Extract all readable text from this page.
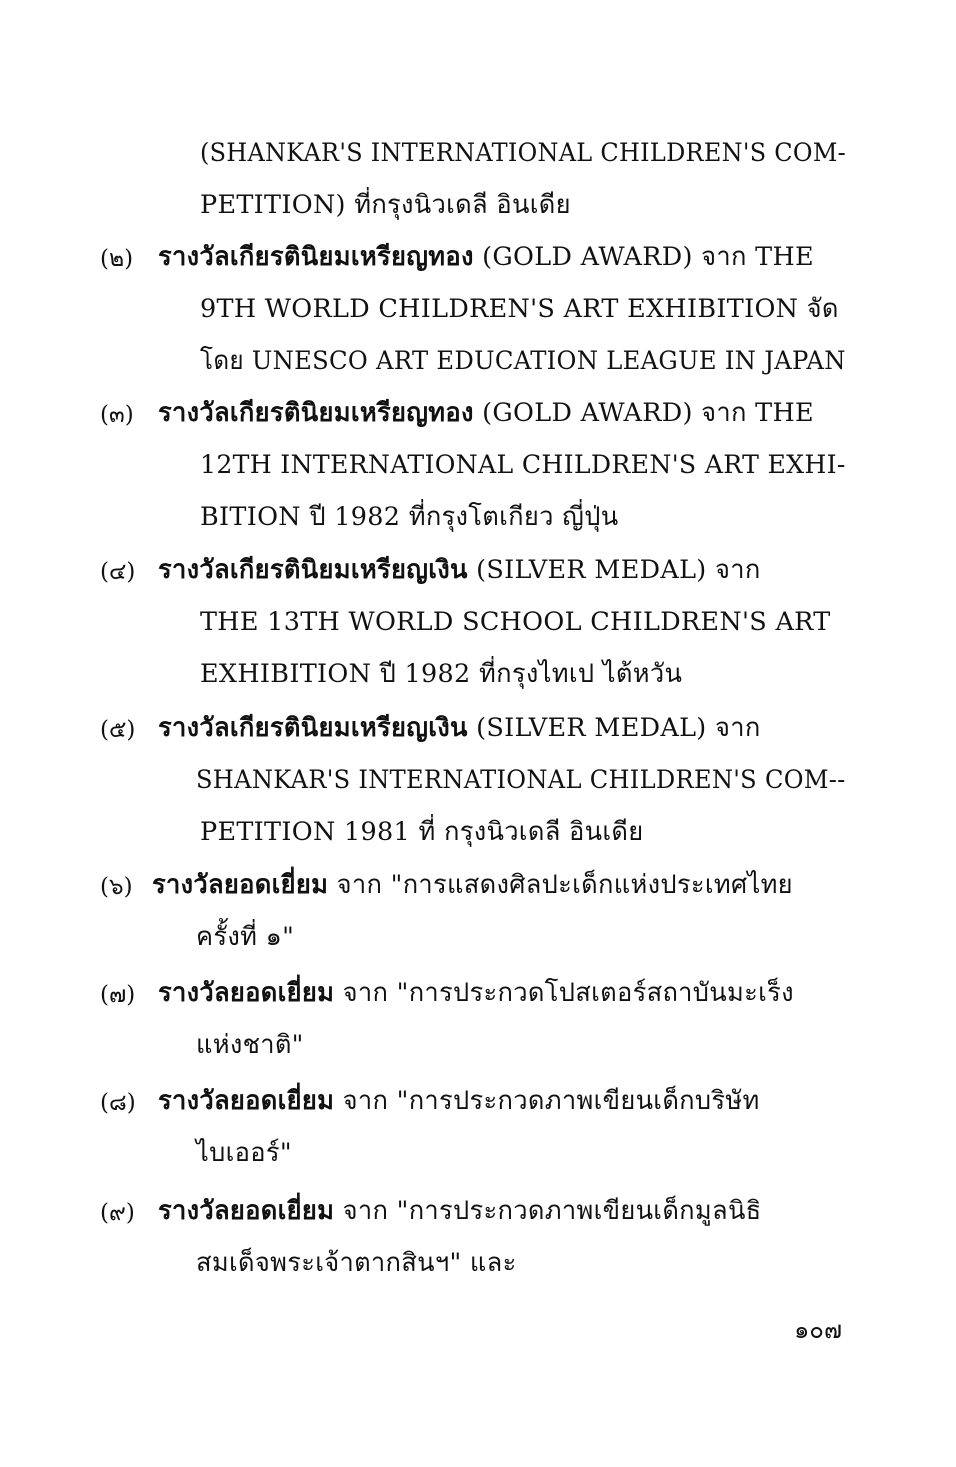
(SHANKAR'S INTERNATIONAL CHILDREN'S COM-
PETITION) ที่กรุงนิวเดลี อินเดีย
(๒) รางวัลเกียรตินิยมเหรียญทอง (GOLD AWARD) จาก THE
9TH WORLD CHILDREN'S ART EXHIBITION จัด
โดย UNESCO ART EDUCATION LEAGUE IN JAPAN
(๓) รางวัลเกียรตินิยมเหรียญทอง (GOLD AWARD) จาก THE
12TH INTERNATIONAL CHILDREN'S ART EXHI-
BITION ปี 1982 ที่กรุงโตเกียว ญี่ปุ่น
(๔) รางวัลเกียรตินิยมเหรียญเงิน (SILVER MEDAL) จาก
THE 13TH WORLD SCHOOL CHILDREN'S ART
EXHIBITION ปี 1982 ที่กรุงไทเป ไต้หวัน
(๕) รางวัลเกียรตินิยมเหรียญเงิน (SILVER MEDAL) จาก
SHANKAR'S INTERNATIONAL CHILDREN'S COM--
PETITION 1981 ที่ กรุงนิวเดลี อินเดีย
(๖) รางวัลยอดเยี่ยม จาก "การแสดงศิลปะเด็กแห่งประเทศไทย
ครั้งที่ ๑"
(๗) รางวัลยอดเยี่ยม จาก "การประกวดโปสเตอร์สถาบันมะเร็ง
แห่งชาติ"
(๘) รางวัลยอดเยี่ยม จาก "การประกวดภาพเขียนเด็กบริษัท
ไบเออร์"
(๙) รางวัลยอดเยี่ยม จาก "การประกวดภาพเขียนเด็กมูลนิธิ
สมเด็จพระเจ้าตากสินฯ" และ
๑๐๗
